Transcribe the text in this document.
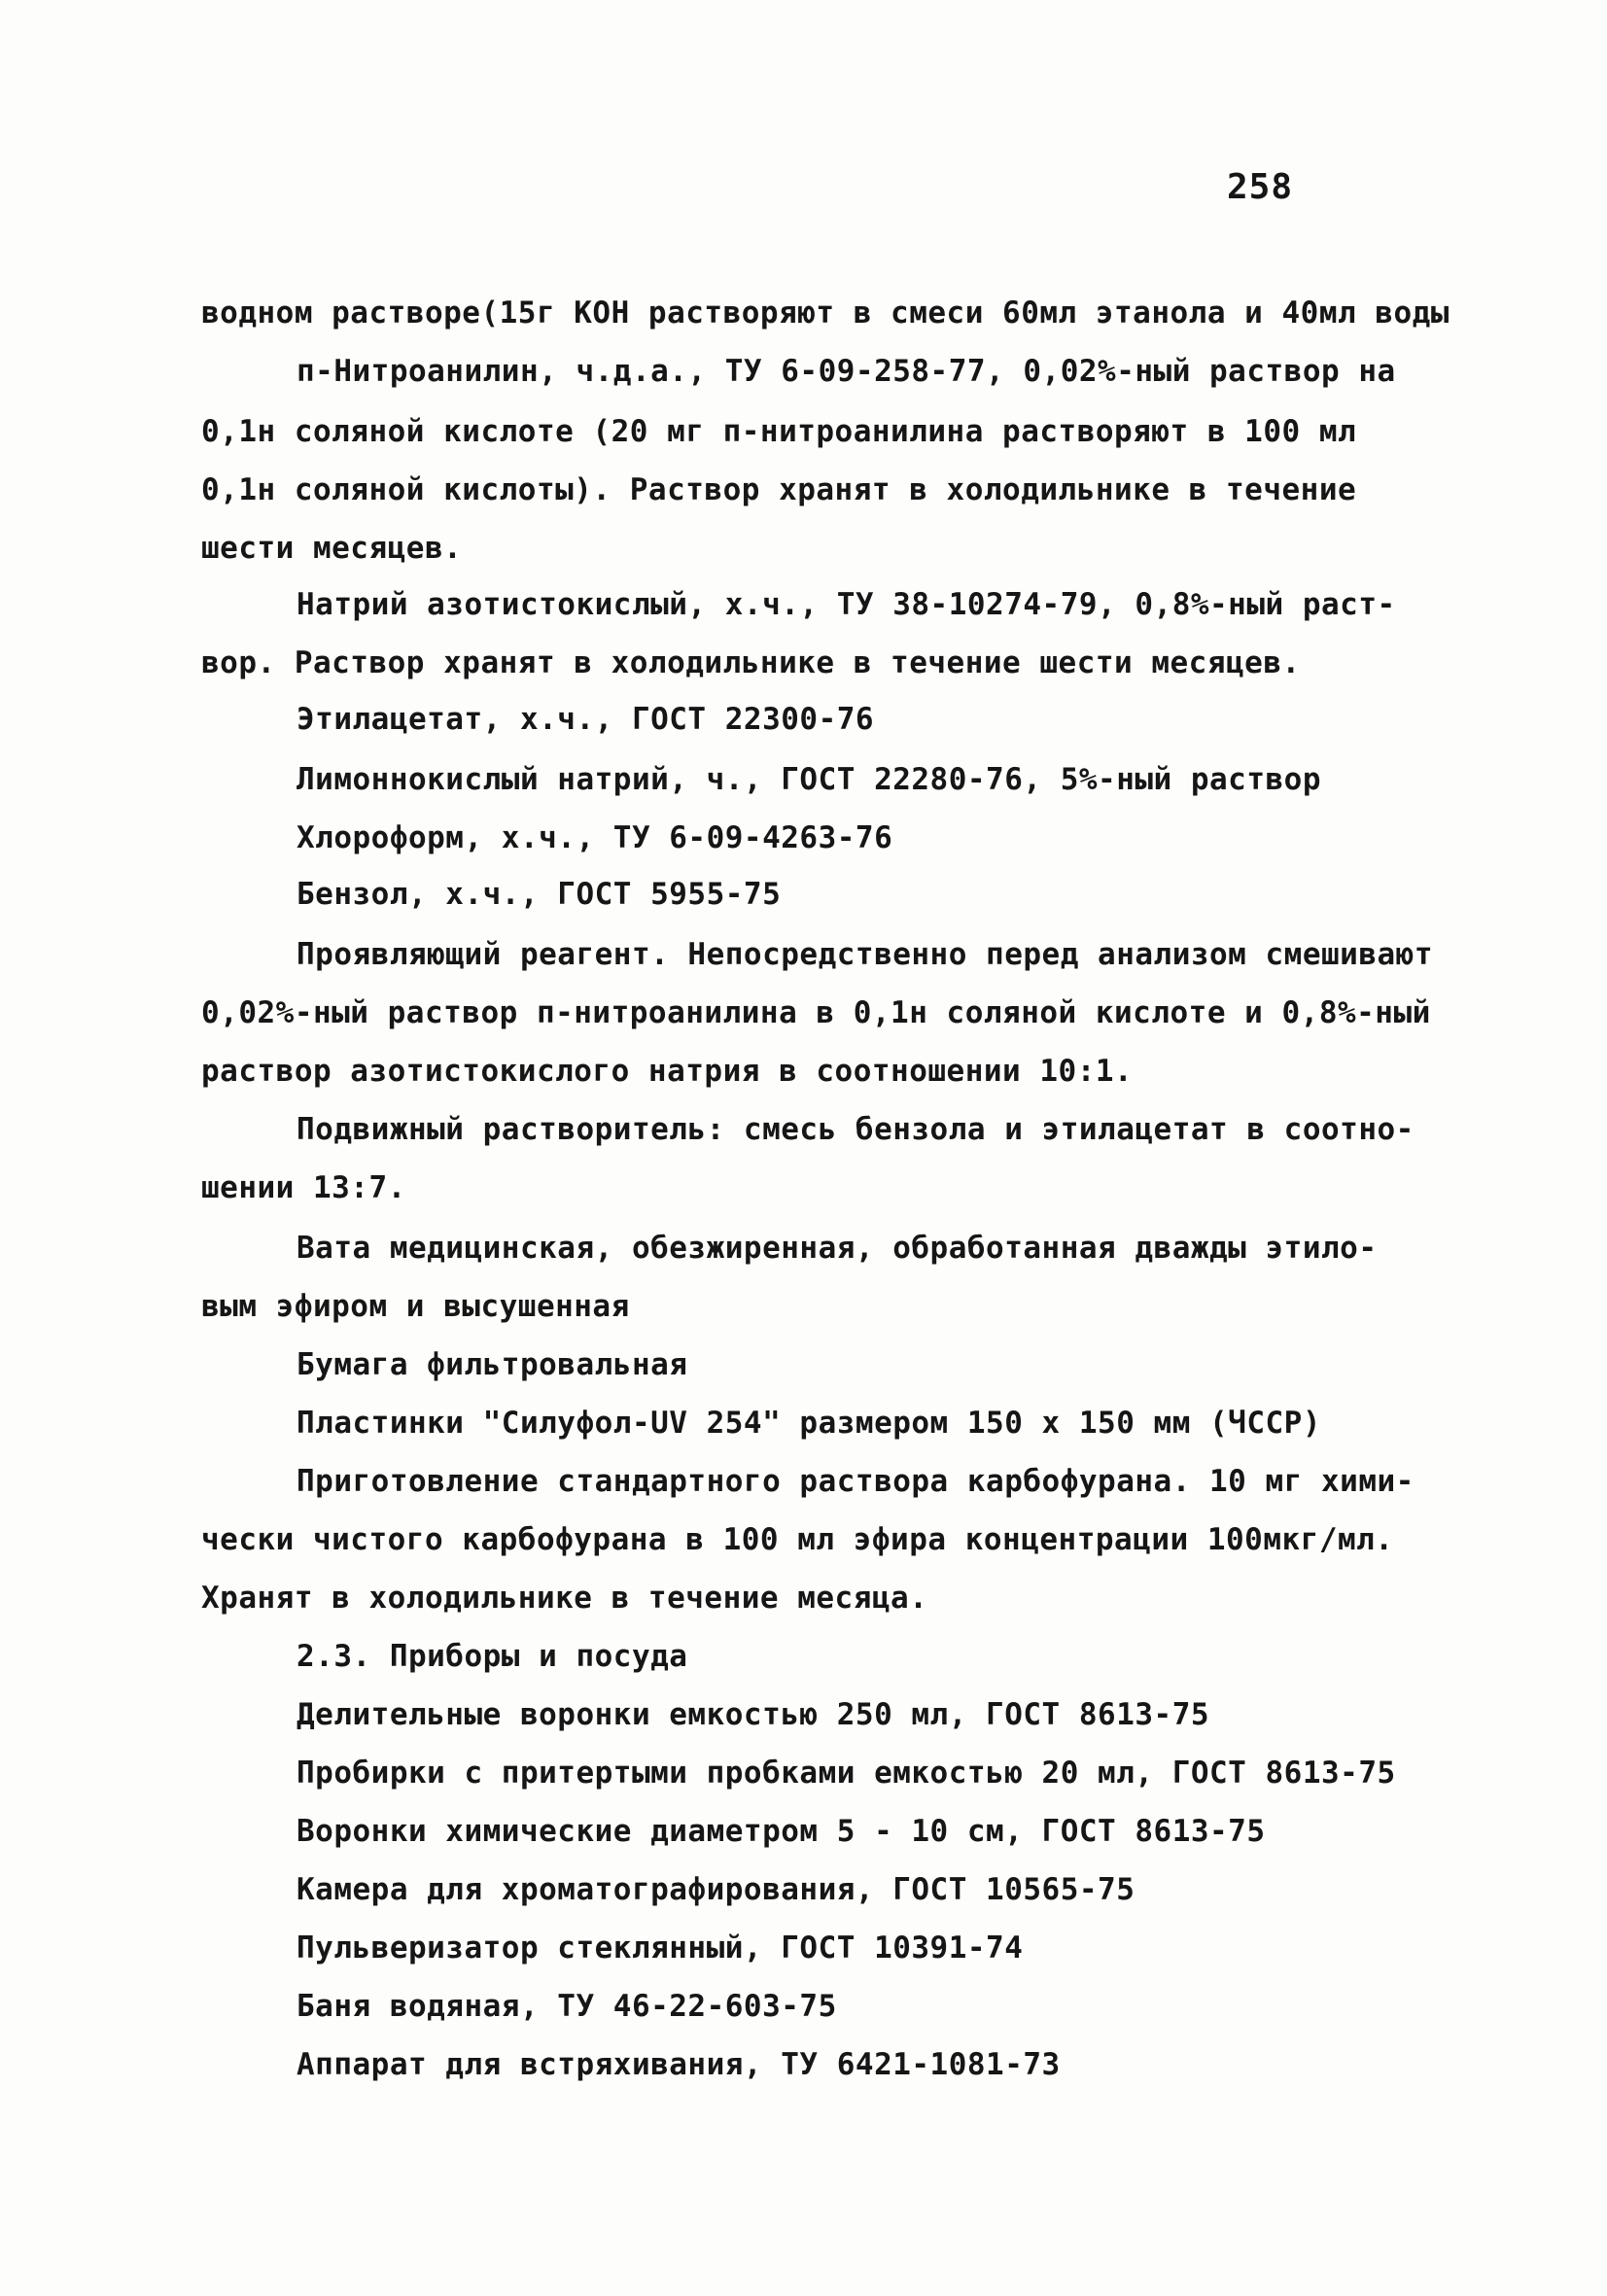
258
водном растворе(15г КОН растворяют в смеси 60мл этанола и 40мл воды
п-Нитроанилин, ч.д.а., ТУ 6-09-258-77, 0,02%-ный раствор на
0,1н соляной кислоте (20 мг п-нитроанилина растворяют в 100 мл
0,1н соляной кислоты). Раствор хранят в холодильнике в течение
шести месяцев.
Натрий азотистокислый, х.ч., ТУ 38-10274-79, 0,8%-ный раст-
вор. Раствор хранят в холодильнике в течение шести месяцев.
Этилацетат, х.ч., ГОСТ 22300-76
Лимоннокислый натрий, ч., ГОСТ 22280-76, 5%-ный раствор
Хлороформ, х.ч., ТУ 6-09-4263-76
Бензол, х.ч., ГОСТ 5955-75
Проявляющий реагент. Непосредственно перед анализом смешивают
0,02%-ный раствор п-нитроанилина в 0,1н соляной кислоте и 0,8%-ный
раствор азотистокислого натрия в соотношении 10:1.
Подвижный растворитель: смесь бензола и этилацетат в соотно-
шении 13:7.
Вата медицинская, обезжиренная, обработанная дважды этило-
вым эфиром и высушенная
Бумага фильтровальная
Пластинки "Силуфол-UV 254" размером 150 х 150 мм (ЧССР)
Приготовление стандартного раствора карбофурана. 10 мг хими-
чески чистого карбофурана в 100 мл эфира концентрации 100мкг/мл.
Хранят в холодильнике в течение месяца.
2.3. Приборы и посуда
Делительные воронки емкостью 250 мл, ГОСТ 8613-75
Пробирки с притертыми пробками емкостью 20 мл, ГОСТ 8613-75
Воронки химические диаметром 5 - 10 см, ГОСТ 8613-75
Камера для хроматографирования, ГОСТ 10565-75
Пульверизатор стеклянный, ГОСТ 10391-74
Баня водяная, ТУ 46-22-603-75
Аппарат для встряхивания, ТУ 6421-1081-73
